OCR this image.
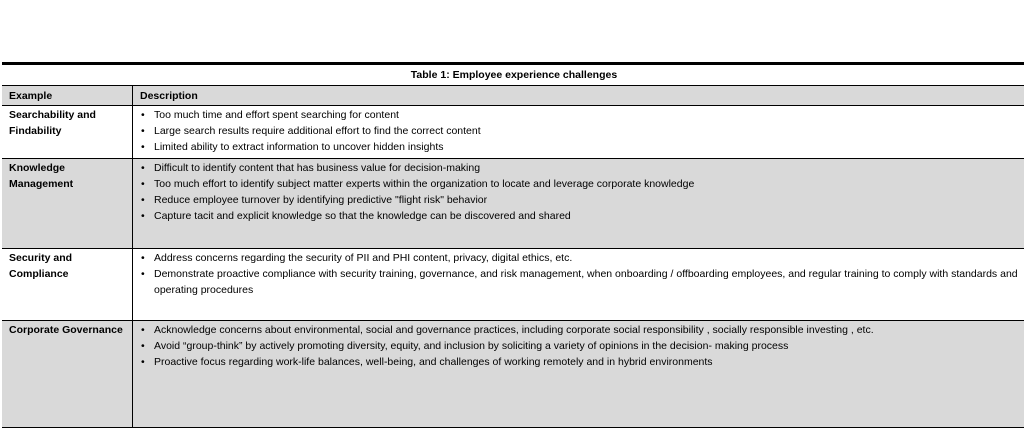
Table 1: Employee experience challenges
Example	Description
Searchability and Findability
• Too much time and effort spent searching for content
• Large search results require additional effort to find the correct content
• Limited ability to extract information to uncover hidden insights
Knowledge Management
• Difficult to identify content that has business value for decision-making
• Too much effort to identify subject matter experts within the organization to locate and leverage corporate knowledge
• Reduce employee turnover by identifying predictive "flight risk" behavior
• Capture tacit and explicit knowledge so that the knowledge can be discovered and shared
Security and Compliance
• Address concerns regarding the security of PII and PHI content, privacy, digital ethics, etc.
• Demonstrate proactive compliance with security training, governance, and risk management, when onboarding / offboarding employees, and regular training to comply with standards and operating procedures
Corporate Governance
•	Acknowledge concerns about environmental, social and governance practices, including corporate social responsibility , socially responsible investing , etc.
• Avoid “group-think” by actively promoting diversity, equity, and inclusion by soliciting a variety of opinions in the decision- making process
• Proactive focus regarding work-life balances, well-being, and challenges of working remotely and in hybrid environments
